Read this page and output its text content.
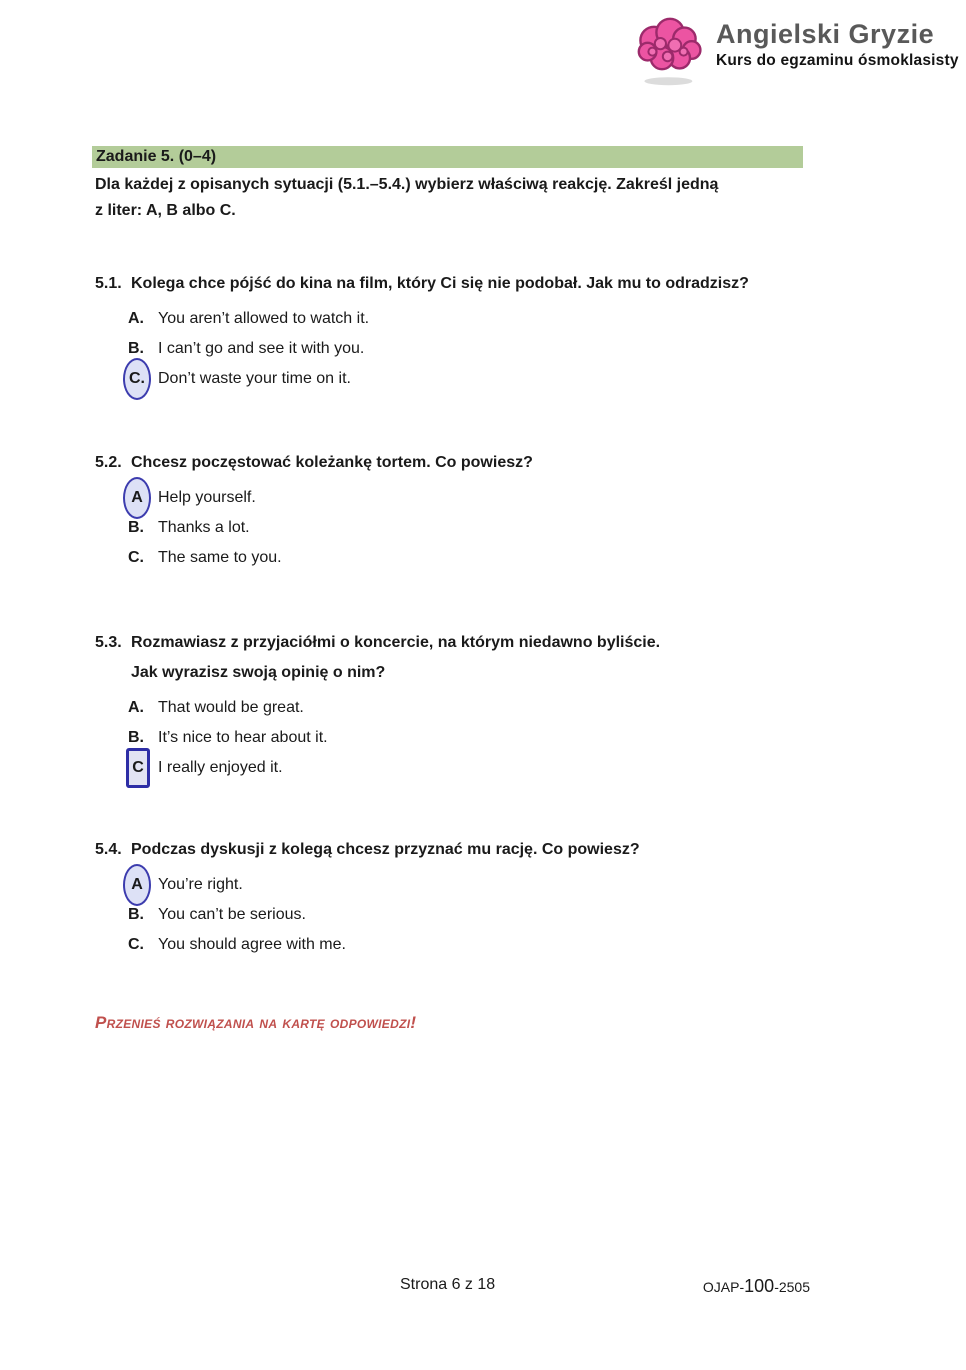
Angielski Gryzie
Kurs do egzaminu ósmoklasisty
Zadanie 5. (0–4)
Dla każdej z opisanych sytuacji (5.1.–5.4.) wybierz właściwą reakcję. Zakreśl jedną
z liter: A, B albo C.
5.1. Kolega chce pójść do kina na film, który Ci się nie podobał. Jak mu to odradzisz?
A. You aren’t allowed to watch it.
B. I can’t go and see it with you.
C. Don’t waste your time on it.
5.2. Chcesz poczęstować koleżankę tortem. Co powiesz?
A Help yourself.
B. Thanks a lot.
C. The same to you.
5.3. Rozmawiasz z przyjaciółmi o koncercie, na którym niedawno byliście.
Jak wyrazisz swoją opinię o nim?
A. That would be great.
B. It’s nice to hear about it.
C I really enjoyed it.
5.4. Podczas dyskusji z kolegą chcesz przyznać mu rację. Co powiesz?
A You’re right.
B. You can’t be serious.
C. You should agree with me.
Przenieś rozwiązania na kartę odpowiedzi!
Strona 6 z 18	OJAP- 100 -2505
